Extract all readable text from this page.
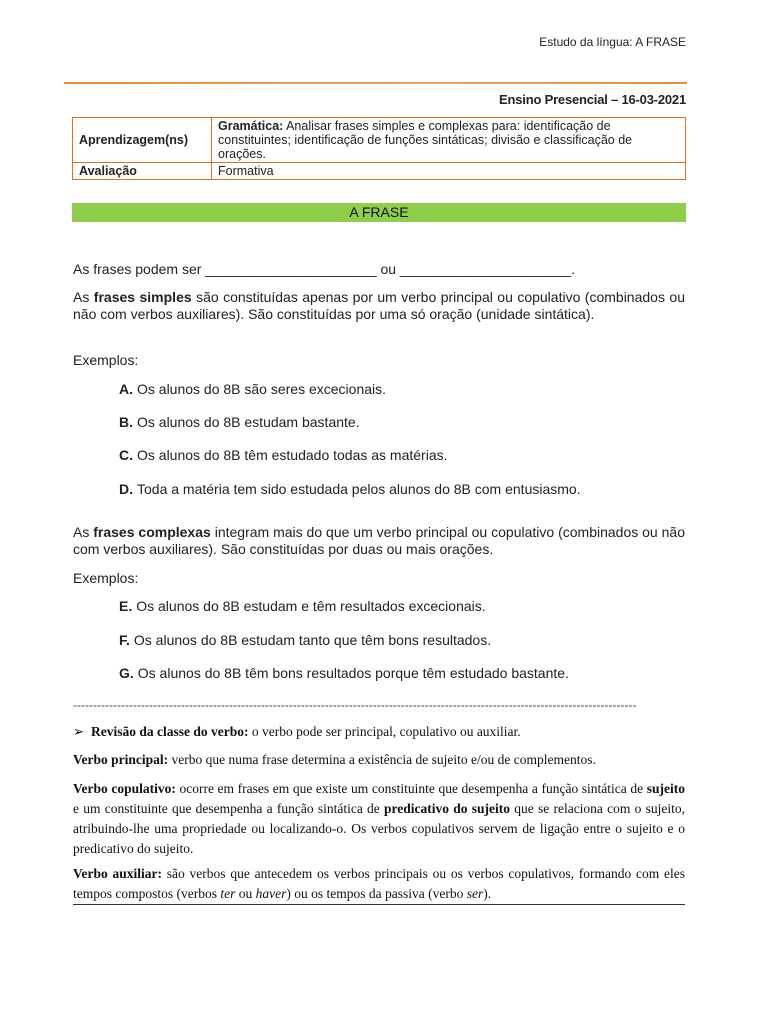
Estudo da língua: A FRASE
Ensino Presencial – 16-03-2021
Aprendizagem(ns)	Gramática: Analisar frases simples e complexas para: identificação de constituintes; identificação de funções sintáticas; divisão e classificação de orações.
Avaliação	Formativa
A FRASE
As frases podem ser ______________________ ou ______________________.
As frases simples são constituídas apenas por um verbo principal ou copulativo (combinados ou não com verbos auxiliares). São constituídas por uma só oração (unidade sintática).
Exemplos:
A. Os alunos do 8B são seres excecionais.
B. Os alunos do 8B estudam bastante.
C. Os alunos do 8B têm estudado todas as matérias.
D. Toda a matéria tem sido estudada pelos alunos do 8B com entusiasmo.
As frases complexas integram mais do que um verbo principal ou copulativo (combinados ou não com verbos auxiliares). São constituídas por duas ou mais orações.
Exemplos:
E. Os alunos do 8B estudam e têm resultados excecionais.
F. Os alunos do 8B estudam tanto que têm bons resultados.
G. Os alunos do 8B têm bons resultados porque têm estudado bastante.
---------------------------------------------------------------------------------------------------------------------------------------------
➢ Revisão da classe do verbo: o verbo pode ser principal, copulativo ou auxiliar.
Verbo principal: verbo que numa frase determina a existência de sujeito e/ou de complementos.
Verbo copulativo: ocorre em frases em que existe um constituinte que desempenha a função sintática de sujeito e um constituinte que desempenha a função sintática de predicativo do sujeito que se relaciona com o sujeito, atribuindo-lhe uma propriedade ou localizando-o. Os verbos copulativos servem de ligação entre o sujeito e o predicativo do sujeito.
Verbo auxiliar: são verbos que antecedem os verbos principais ou os verbos copulativos, formando com eles tempos compostos (verbos ter ou haver) ou os tempos da passiva (verbo ser).
